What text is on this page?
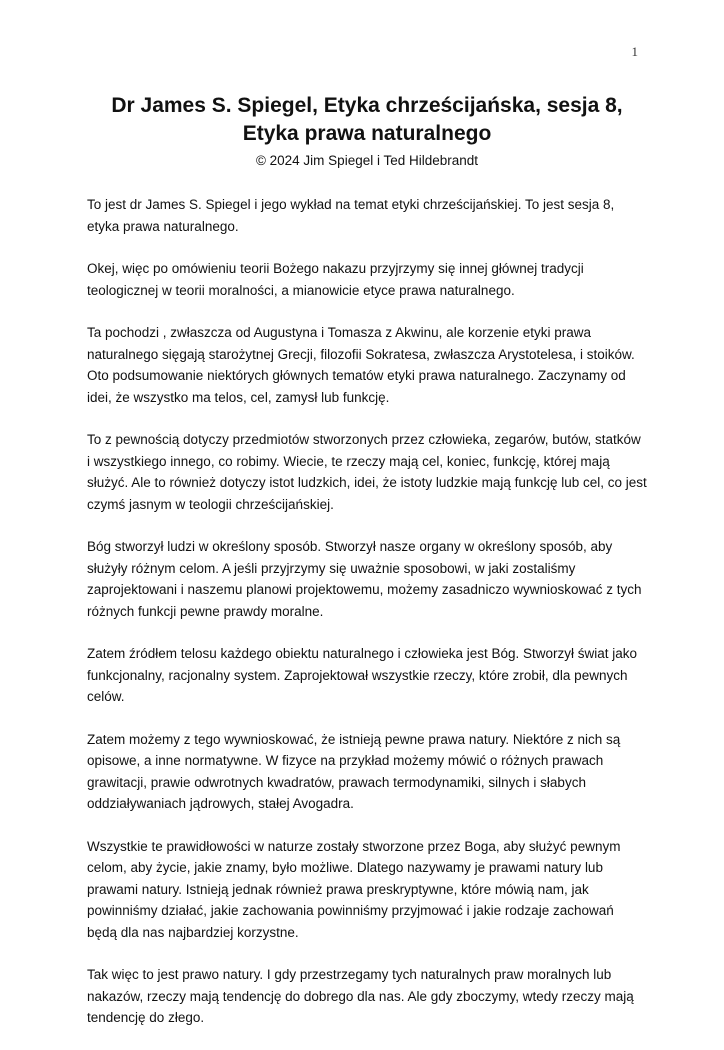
1
Dr James S. Spiegel, Etyka chrześcijańska, sesja 8,
Etyka prawa naturalnego

© 2024 Jim Spiegel i Ted Hildebrandt

To jest dr James S. Spiegel i jego wykład na temat etyki chrześcijańskiej. To jest sesja 8, etyka prawa naturalnego.

Okej, więc po omówieniu teorii Bożego nakazu przyjrzymy się innej głównej tradycji teologicznej w teorii moralności, a mianowicie etyce prawa naturalnego.

Ta pochodzi , zwłaszcza od Augustyna i Tomasza z Akwinu, ale korzenie etyki prawa naturalnego sięgają starożytnej Grecji, filozofii Sokratesa, zwłaszcza Arystotelesa, i stoików. Oto podsumowanie niektórych głównych tematów etyki prawa naturalnego. Zaczynamy od idei, że wszystko ma telos, cel, zamysł lub funkcję.

To z pewnością dotyczy przedmiotów stworzonych przez człowieka, zegarów, butów, statków i wszystkiego innego, co robimy. Wiecie, te rzeczy mają cel, koniec, funkcję, której mają służyć. Ale to również dotyczy istot ludzkich, idei, że istoty ludzkie mają funkcję lub cel, co jest czymś jasnym w teologii chrześcijańskiej.

Bóg stworzył ludzi w określony sposób. Stworzył nasze organy w określony sposób, aby służyły różnym celom. A jeśli przyjrzymy się uważnie sposobowi, w jaki zostaliśmy zaprojektowani i naszemu planowi projektowemu, możemy zasadniczo wywnioskować z tych różnych funkcji pewne prawdy moralne.

Zatem źródłem telosu każdego obiektu naturalnego i człowieka jest Bóg. Stworzył świat jako funkcjonalny, racjonalny system. Zaprojektował wszystkie rzeczy, które zrobił, dla pewnych celów.

Zatem możemy z tego wywnioskować, że istnieją pewne prawa natury. Niektóre z nich są opisowe, a inne normatywne. W fizyce na przykład możemy mówić o różnych prawach grawitacji, prawie odwrotnych kwadratów, prawach termodynamiki, silnych i słabych oddziaływaniach jądrowych, stałej Avogadra.

Wszystkie te prawidłowości w naturze zostały stworzone przez Boga, aby służyć pewnym celom, aby życie, jakie znamy, było możliwe. Dlatego nazywamy je prawami natury lub prawami natury. Istnieją jednak również prawa preskryptywne, które mówią nam, jak powinniśmy działać, jakie zachowania powinniśmy przyjmować i jakie rodzaje zachowań będą dla nas najbardziej korzystne.

Tak więc to jest prawo natury. I gdy przestrzegamy tych naturalnych praw moralnych lub nakazów, rzeczy mają tendencję do dobrego dla nas. Ale gdy zboczymy, wtedy rzeczy mają tendencję do złego.
